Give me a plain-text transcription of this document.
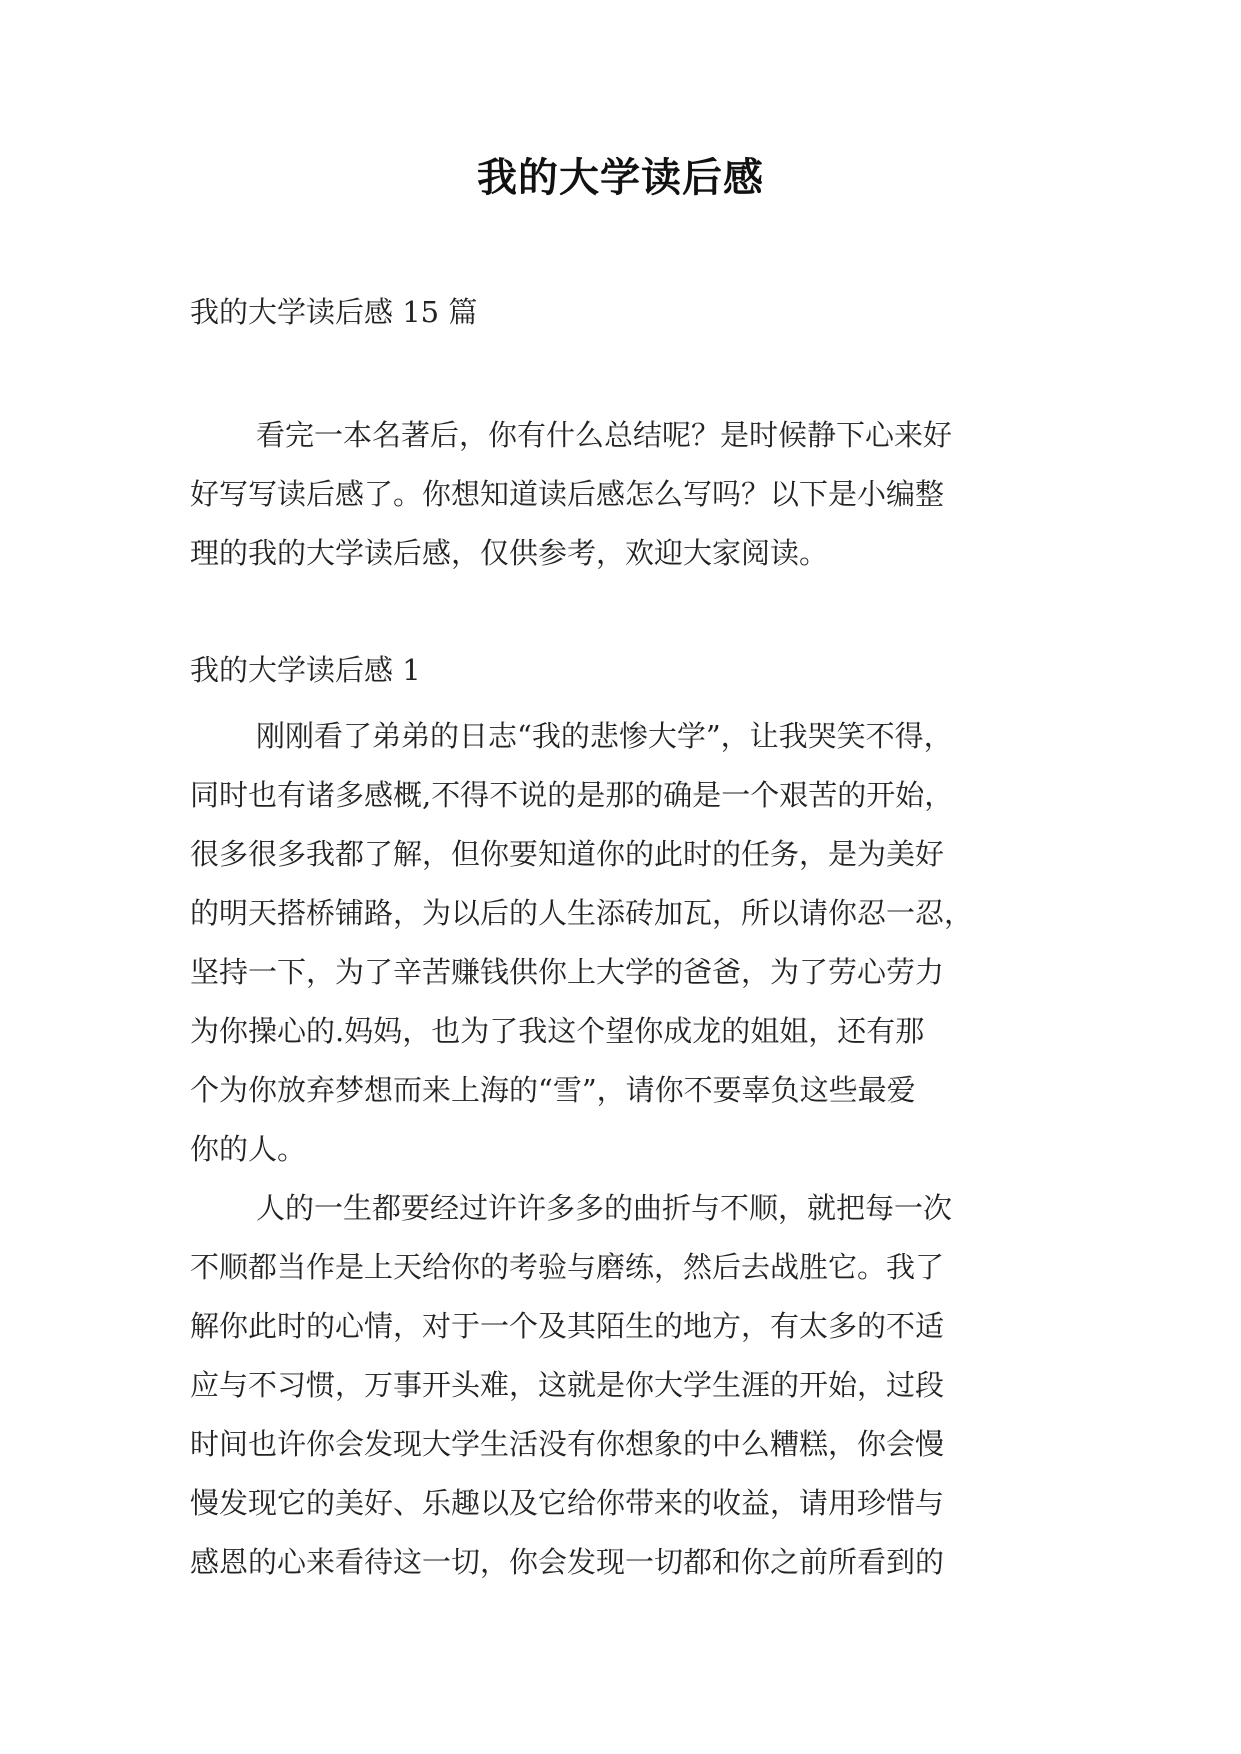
我的大学读后感
我的大学读后感 15 篇

看完一本名著后，你有什么总结呢？是时候静下心来好
好写写读后感了。你想知道读后感怎么写吗？以下是小编整
理的我的大学读后感，仅供参考，欢迎大家阅读。

我的大学读后感 1

刚刚看了弟弟的日志“我的悲惨大学”，让我哭笑不得，
同时也有诸多感概,不得不说的是那的确是一个艰苦的开始，
很多很多我都了解，但你要知道你的此时的任务，是为美好
的明天搭桥铺路，为以后的人生添砖加瓦，所以请你忍一忍，
坚持一下，为了辛苦赚钱供你上大学的爸爸，为了劳心劳力
为你操心的.妈妈，也为了我这个望你成龙的姐姐，还有那
个为你放弃梦想而来上海的“雪”，请你不要辜负这些最爱
你的人。

人的一生都要经过许许多多的曲折与不顺，就把每一次
不顺都当作是上天给你的考验与磨练，然后去战胜它。我了
解你此时的心情，对于一个及其陌生的地方，有太多的不适
应与不习惯，万事开头难，这就是你大学生涯的开始，过段
时间也许你会发现大学生活没有你想象的中么糟糕，你会慢
慢发现它的美好、乐趣以及它给你带来的收益，请用珍惜与
感恩的心来看待这一切，你会发现一切都和你之前所看到的
